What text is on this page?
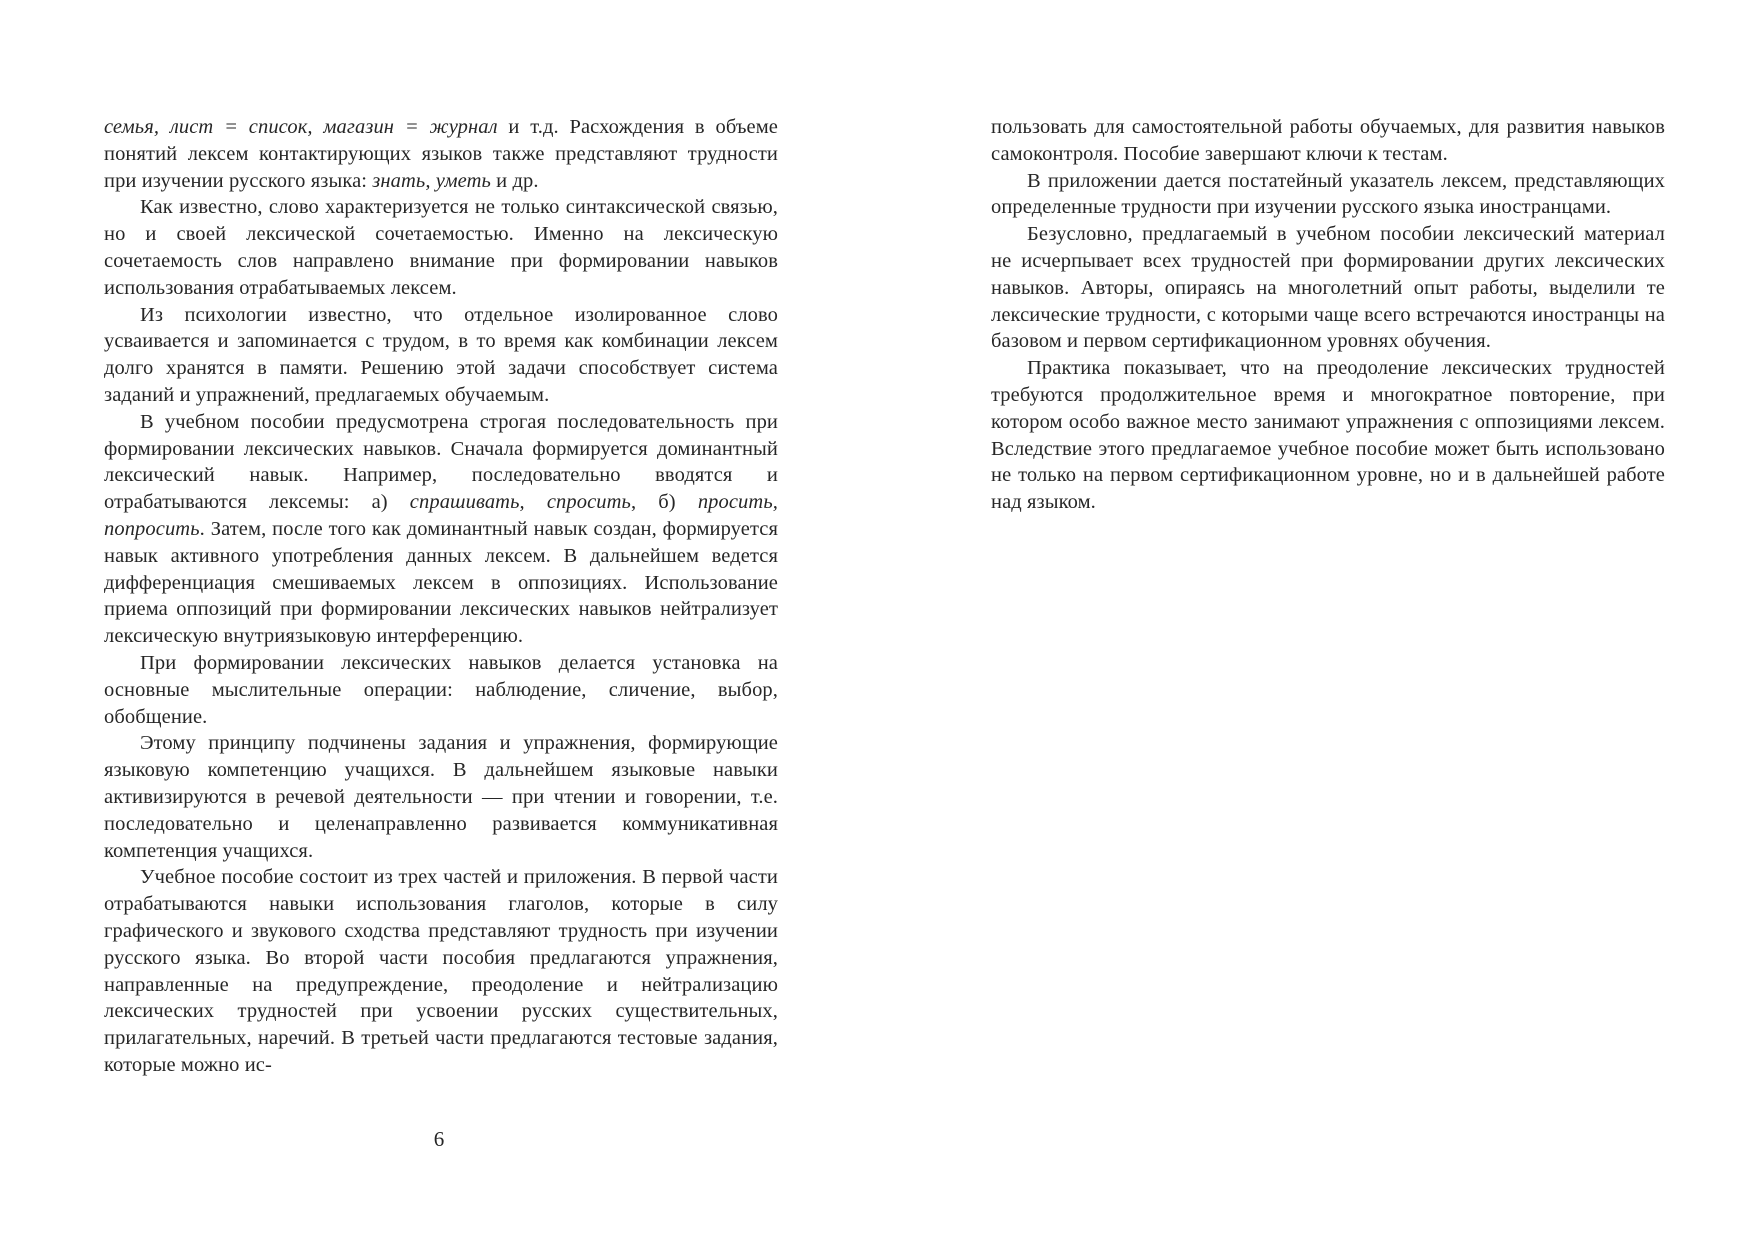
семья, лист = список, магазин = журнал и т.д. Расхождения в объеме понятий лексем контактирующих языков также представляют трудности при изучении русского языка: знать, уметь и др.

Как известно, слово характеризуется не только синтаксической связью, но и своей лексической сочетаемостью. Именно на лексическую сочетаемость слов направлено внимание при формировании навыков использования отрабатываемых лексем.

Из психологии известно, что отдельное изолированное слово усваивается и запоминается с трудом, в то время как комбинации лексем долго хранятся в памяти. Решению этой задачи способствует система заданий и упражнений, предлагаемых обучаемым.

В учебном пособии предусмотрена строгая последовательность при формировании лексических навыков. Сначала формируется доминантный лексический навык. Например, последовательно вводятся и отрабатываются лексемы: а) спрашивать, спросить, б) просить, попросить. Затем, после того как доминантный навык создан, формируется навык активного употребления данных лексем. В дальнейшем ведется дифференциация смешиваемых лексем в оппозициях. Использование приема оппозиций при формировании лексических навыков нейтрализует лексическую внутриязыковую интерференцию.

При формировании лексических навыков делается установка на основные мыслительные операции: наблюдение, сличение, выбор, обобщение.

Этому принципу подчинены задания и упражнения, формирующие языковую компетенцию учащихся. В дальнейшем языковые навыки активизируются в речевой деятельности — при чтении и говорении, т.е. последовательно и целенаправленно развивается коммуникативная компетенция учащихся.

Учебное пособие состоит из трех частей и приложения. В первой части отрабатываются навыки использования глаголов, которые в силу графического и звукового сходства представляют трудность при изучении русского языка. Во второй части пособия предлагаются упражнения, направленные на предупреждение, преодоление и нейтрализацию лексических трудностей при усвоении русских существительных, прилагательных, наречий. В третьей части предлагаются тестовые задания, которые можно ис-

6

пользовать для самостоятельной работы обучаемых, для развития навыков самоконтроля. Пособие завершают ключи к тестам.

В приложении дается постатейный указатель лексем, представляющих определенные трудности при изучении русского языка иностранцами.

Безусловно, предлагаемый в учебном пособии лексический материал не исчерпывает всех трудностей при формировании других лексических навыков. Авторы, опираясь на многолетний опыт работы, выделили те лексические трудности, с которыми чаще всего встречаются иностранцы на базовом и первом сертификационном уровнях обучения.

Практика показывает, что на преодоление лексических трудностей требуются продолжительное время и многократное повторение, при котором особо важное место занимают упражнения с оппозициями лексем. Вследствие этого предлагаемое учебное пособие может быть использовано не только на первом сертификационном уровне, но и в дальнейшей работе над языком.
